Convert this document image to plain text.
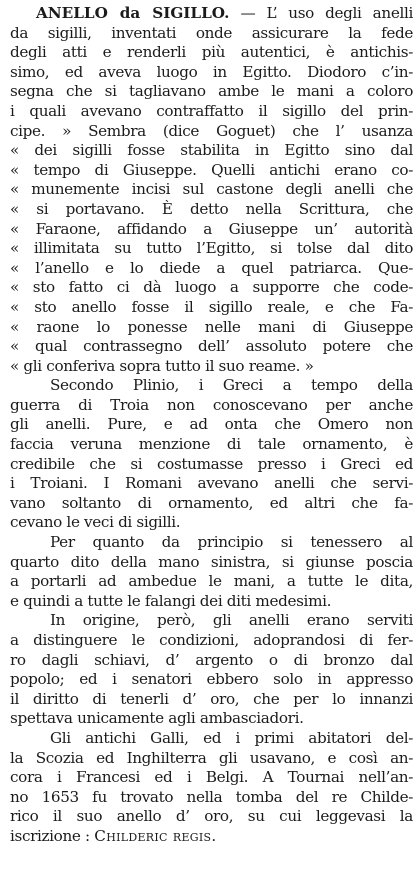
ANELLO da SIGILLO. — L’ uso degli anelli
da sigilli, inventati onde assicurare la fede
degli atti e renderli più autentici, è antichis-
simo, ed aveva luogo in Egitto. Diodoro c’in-
segna che si tagliavano ambe le mani a coloro
i quali avevano contraffatto il sigillo del prin-
cipe. » Sembra (dice Goguet) che l’ usanza
« dei sigilli fosse stabilita in Egitto sino dal
« tempo di Giuseppe. Quelli antichi erano co-
« munemente incisi sul castone degli anelli che
« si portavano. È detto nella Scrittura, che
« Faraone, affidando a Giuseppe un’ autorità
« illimitata su tutto l’Egitto, si tolse dal dito
« l’anello e lo diede a quel patriarca. Que-
« sto fatto ci dà luogo a supporre che code-
« sto anello fosse il sigillo reale, e che Fa-
« raone lo ponesse nelle mani di Giuseppe
« qual contrassegno dell’ assoluto potere che
« gli conferiva sopra tutto il suo reame. »
Secondo Plinio, i Greci a tempo della
guerra di Troia non conoscevano per anche
gli anelli. Pure, e ad onta che Omero non
faccia veruna menzione di tale ornamento, è
credibile che si costumasse presso i Greci ed
i Troiani. I Romani avevano anelli che servi-
vano soltanto di ornamento, ed altri che fa-
cevano le veci di sigilli.
Per quanto da principio si tenessero al
quarto dito della mano sinistra, si giunse poscia
a portarli ad ambedue le mani, a tutte le dita,
e quindi a tutte le falangi dei diti medesimi.
In origine, però, gli anelli erano serviti
a distinguere le condizioni, adoprandosi di fer-
ro dagli schiavi, d’ argento o di bronzo dal
popolo; ed i senatori ebbero solo in appresso
il diritto di tenerli d’ oro, che per lo innanzi
spettava unicamente agli ambasciadori.
Gli antichi Galli, ed i primi abitatori del-
la Scozia ed Inghilterra gli usavano, e così an-
cora i Francesi ed i Belgi. A Tournai nell’an-
no 1653 fu trovato nella tomba del re Childe-
rico il suo anello d’ oro, su cui leggevasi la
iscrizione : Childeric regis.
